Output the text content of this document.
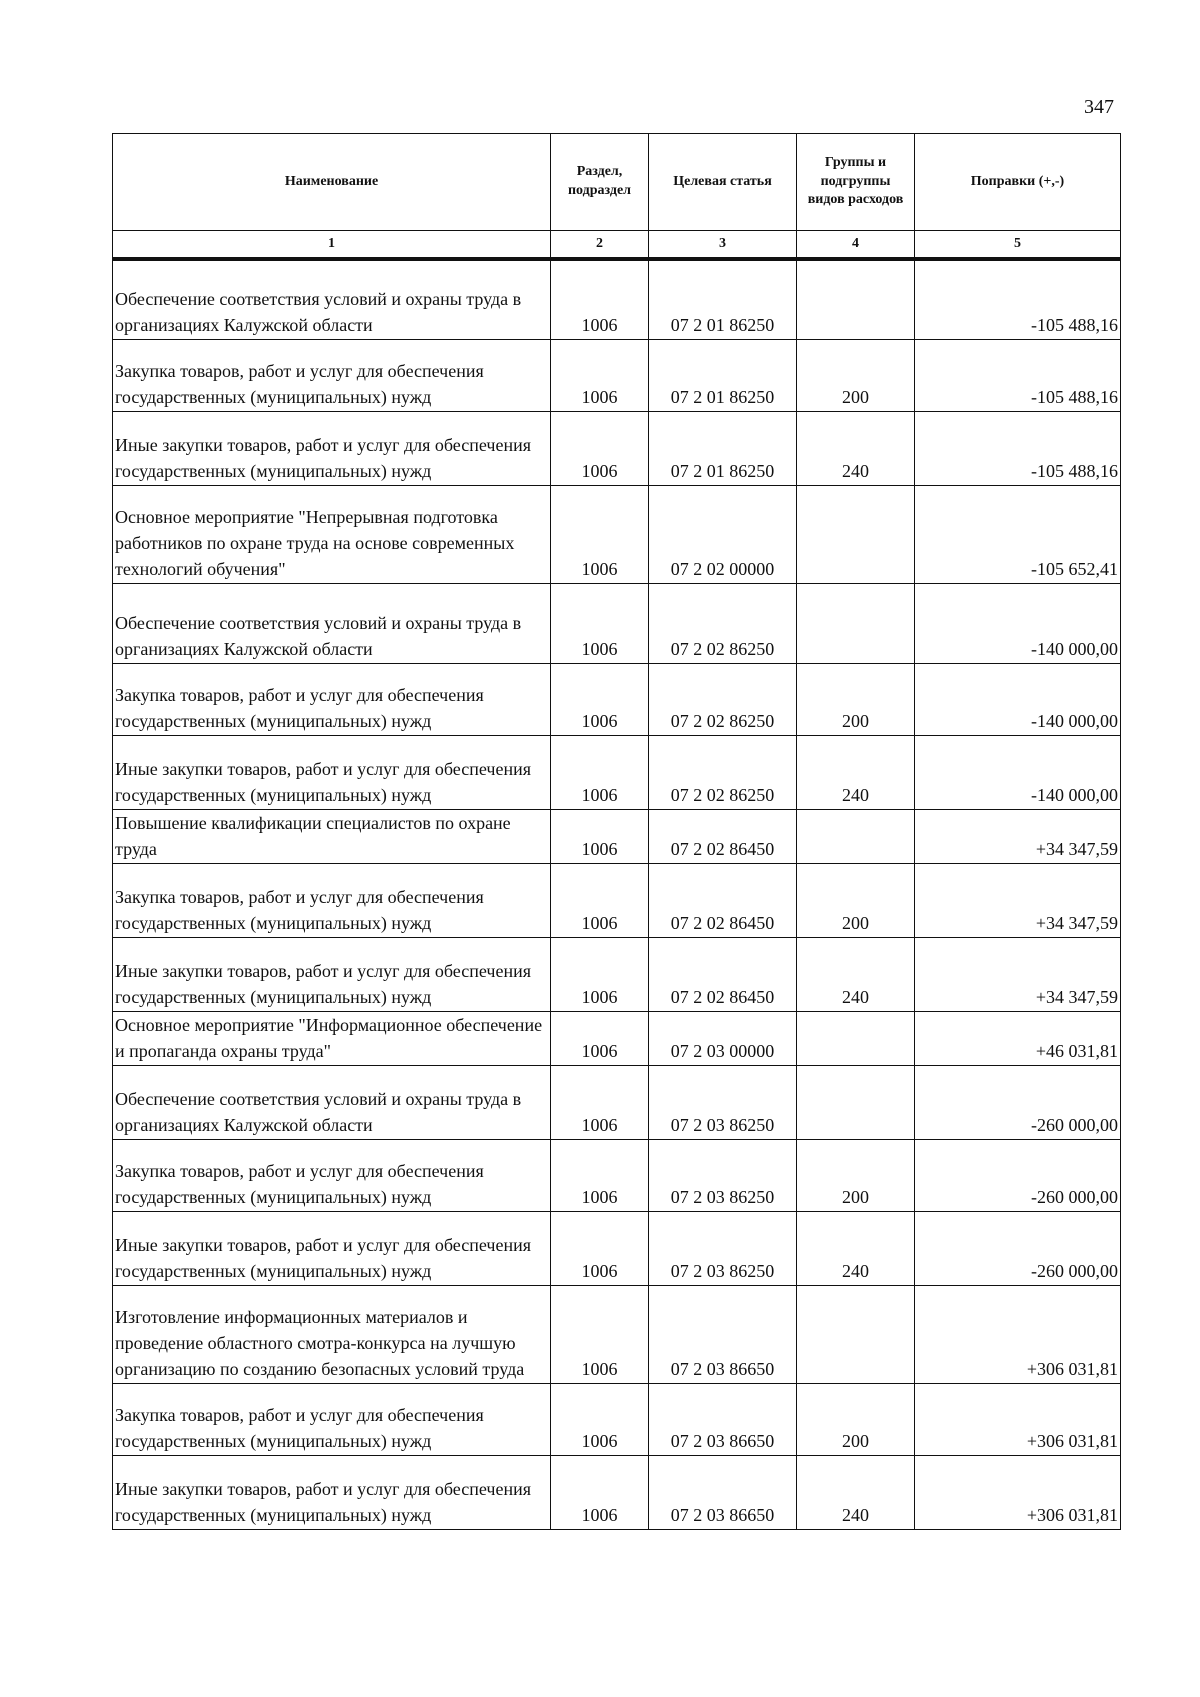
347
Наименование	Раздел, подраздел	Целевая статья	Группы и подгруппы видов расходов	Поправки (+,-)
1	2	3	4	5
Обеспечение соответствия условий и охраны труда в организациях Калужской области	1006	07 2 01 86250		-105 488,16
Закупка товаров, работ и услуг для обеспечения государственных (муниципальных) нужд	1006	07 2 01 86250	200	-105 488,16
Иные закупки товаров, работ и услуг для обеспечения государственных (муниципальных) нужд	1006	07 2 01 86250	240	-105 488,16
Основное мероприятие "Непрерывная подготовка работников по охране труда на основе современных технологий обучения"	1006	07 2 02 00000		-105 652,41
Обеспечение соответствия условий и охраны труда в организациях Калужской области	1006	07 2 02 86250		-140 000,00
Закупка товаров, работ и услуг для обеспечения государственных (муниципальных) нужд	1006	07 2 02 86250	200	-140 000,00
Иные закупки товаров, работ и услуг для обеспечения государственных (муниципальных) нужд	1006	07 2 02 86250	240	-140 000,00
Повышение квалификации специалистов по охране труда	1006	07 2 02 86450		+34 347,59
Закупка товаров, работ и услуг для обеспечения государственных (муниципальных) нужд	1006	07 2 02 86450	200	+34 347,59
Иные закупки товаров, работ и услуг для обеспечения государственных (муниципальных) нужд	1006	07 2 02 86450	240	+34 347,59
Основное мероприятие "Информационное обеспечение и пропаганда охраны труда"	1006	07 2 03 00000		+46 031,81
Обеспечение соответствия условий и охраны труда в организациях Калужской области	1006	07 2 03 86250		-260 000,00
Закупка товаров, работ и услуг для обеспечения государственных (муниципальных) нужд	1006	07 2 03 86250	200	-260 000,00
Иные закупки товаров, работ и услуг для обеспечения государственных (муниципальных) нужд	1006	07 2 03 86250	240	-260 000,00
Изготовление информационных материалов и проведение областного смотра-конкурса на лучшую организацию по созданию безопасных условий труда	1006	07 2 03 86650		+306 031,81
Закупка товаров, работ и услуг для обеспечения государственных (муниципальных) нужд	1006	07 2 03 86650	200	+306 031,81
Иные закупки товаров, работ и услуг для обеспечения государственных (муниципальных) нужд	1006	07 2 03 86650	240	+306 031,81
